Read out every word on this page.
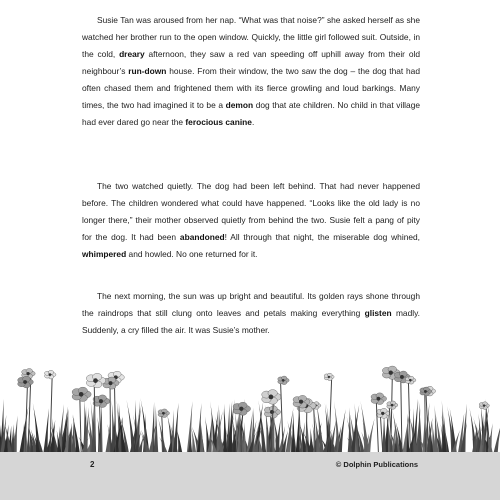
Susie Tan was aroused from her nap. “What was that noise?” she asked herself as she watched her brother run to the open window. Quickly, the little girl followed suit. Outside, in the cold, dreary afternoon, they saw a red van speeding off uphill away from their old neighbour’s run-down house. From their window, the two saw the dog – the dog that had often chased them and frightened them with its fierce growling and loud barkings. Many times, the two had imagined it to be a demon dog that ate children. No child in that village had ever dared go near the ferocious canine.

The two watched quietly. The dog had been left behind. That had never happened before. The children wondered what could have happened. “Looks like the old lady is no longer there,” their mother observed quietly from behind the two. Susie felt a pang of pity for the dog. It had been abandoned! All through that night, the miserable dog whined, whimpered and howled. No one returned for it.

The next morning, the sun was up bright and beautiful. Its golden rays shone through the raindrops that still clung onto leaves and petals making everything glisten madly. Suddenly, a cry filled the air. It was Susie’s mother.

2	© Dolphin Publications
